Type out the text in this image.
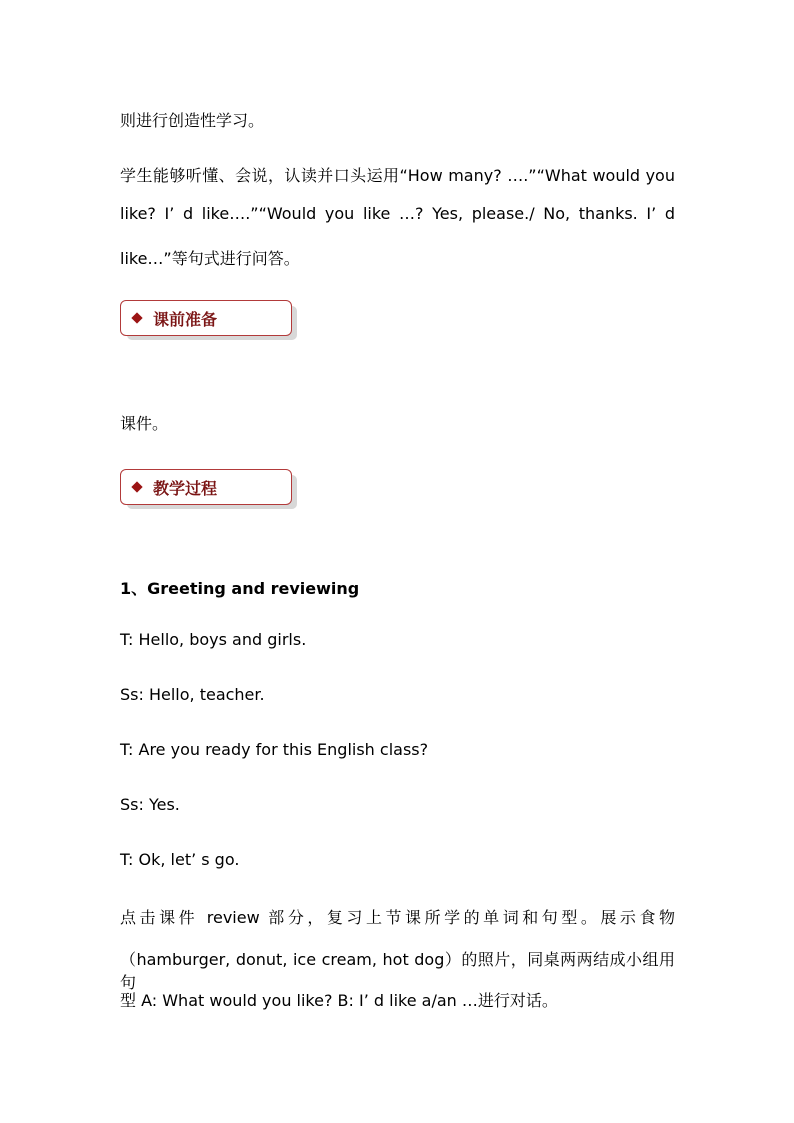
则进行创造性学习。

学生能够听懂、会说，认读并口头运用“How many? ….”“What would you

like? I’ d like….”“Would you like …? Yes, please./ No, thanks. I’ d

like…”等句式进行问答。

课前准备

课件。

教学过程

1、Greeting and reviewing

T: Hello, boys and girls.

Ss: Hello, teacher.

T: Are you ready for this English class?

Ss: Yes.

T: Ok, let’ s go.

点击课件 review 部分，复习上节课所学的单词和句型。展示食物

（hamburger, donut, ice cream, hot dog）的照片，同桌两两结成小组用句

型 A: What would you like? B: I’ d like a/an …进行对话。
